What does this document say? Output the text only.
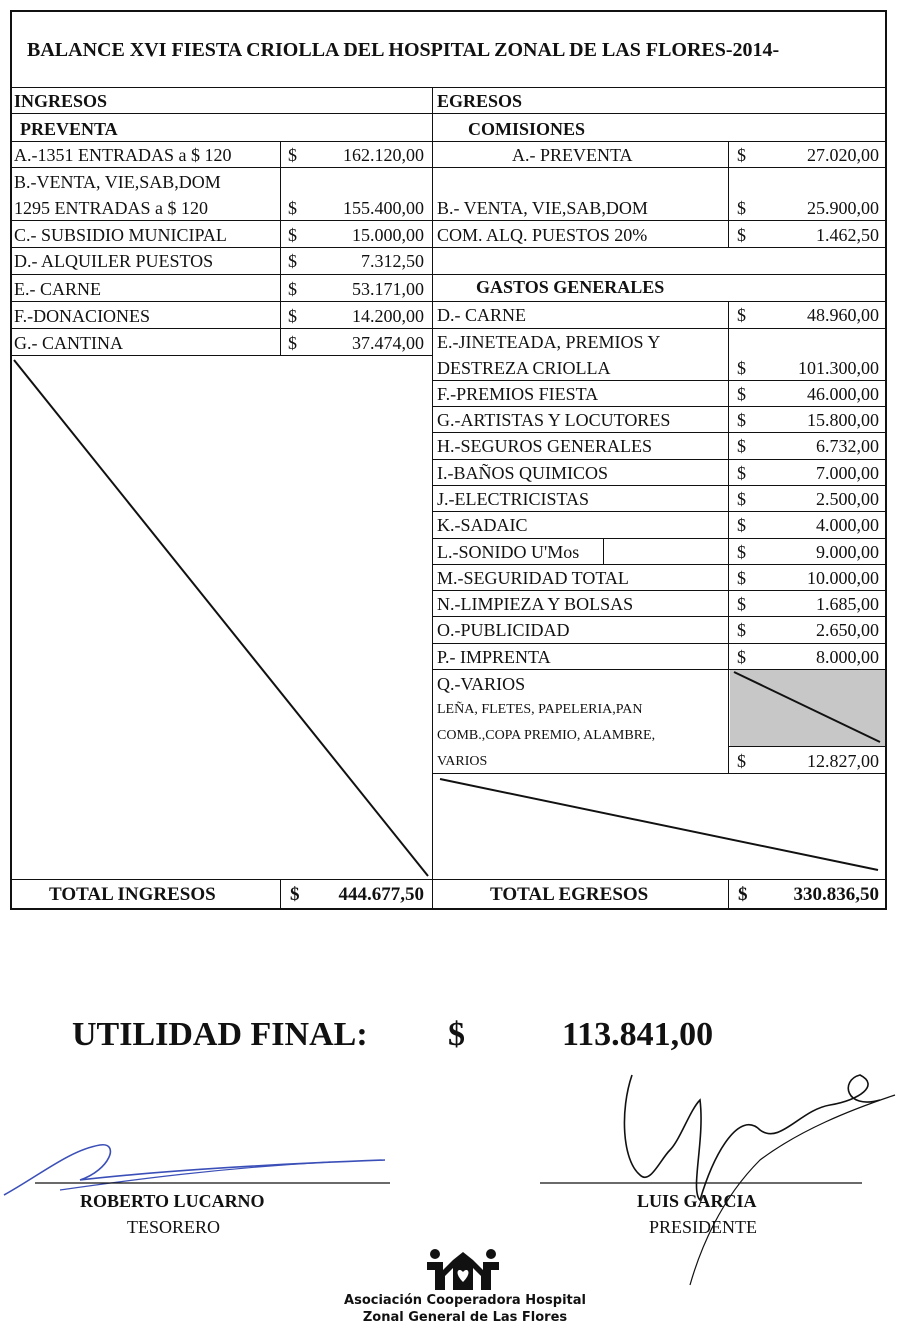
BALANCE XVI FIESTA CRIOLLA DEL HOSPITAL ZONAL DE LAS FLORES-2014-
INGRESOS	EGRESOS
PREVENTA	COMISIONES
A.-1351 ENTRADAS a $ 120	$	162.120,00
B.-VENTA, VIE,SAB,DOM
1295 ENTRADAS a $ 120	$	155.400,00
C.- SUBSIDIO MUNICIPAL	$	15.000,00
D.- ALQUILER PUESTOS	$	7.312,50
E.- CARNE	$	53.171,00
F.-DONACIONES	$	14.200,00
G.- CANTINA	$	37.474,00
A.- PREVENTA	$	27.020,00
B.- VENTA, VIE,SAB,DOM	$	25.900,00
COM. ALQ. PUESTOS 20%	$	1.462,50
GASTOS GENERALES
D.- CARNE	$	48.960,00
E.-JINETEADA, PREMIOS Y
DESTREZA CRIOLLA	$	101.300,00
F.-PREMIOS FIESTA	$	46.000,00
G.-ARTISTAS Y LOCUTORES	$	15.800,00
H.-SEGUROS GENERALES	$	6.732,00
I.-BAÑOS QUIMICOS	$	7.000,00
J.-ELECTRICISTAS	$	2.500,00
K.-SADAIC	$	4.000,00
L.-SONIDO U'Mos	$	9.000,00
M.-SEGURIDAD TOTAL	$	10.000,00
N.-LIMPIEZA Y BOLSAS	$	1.685,00
O.-PUBLICIDAD	$	2.650,00
P.- IMPRENTA	$	8.000,00
Q.-VARIOS
LEÑA, FLETES, PAPELERIA,PAN
COMB.,COPA PREMIO, ALAMBRE,
VARIOS	$	12.827,00
TOTAL INGRESOS	$	444.677,50	TOTAL EGRESOS	$	330.836,50
UTILIDAD FINAL: $	113.841,00
ROBERTO LUCARNO
TESORERO
LUIS GARCIA
PRESIDENTE
Asociación Cooperadora Hospital
Zonal General de Las Flores
